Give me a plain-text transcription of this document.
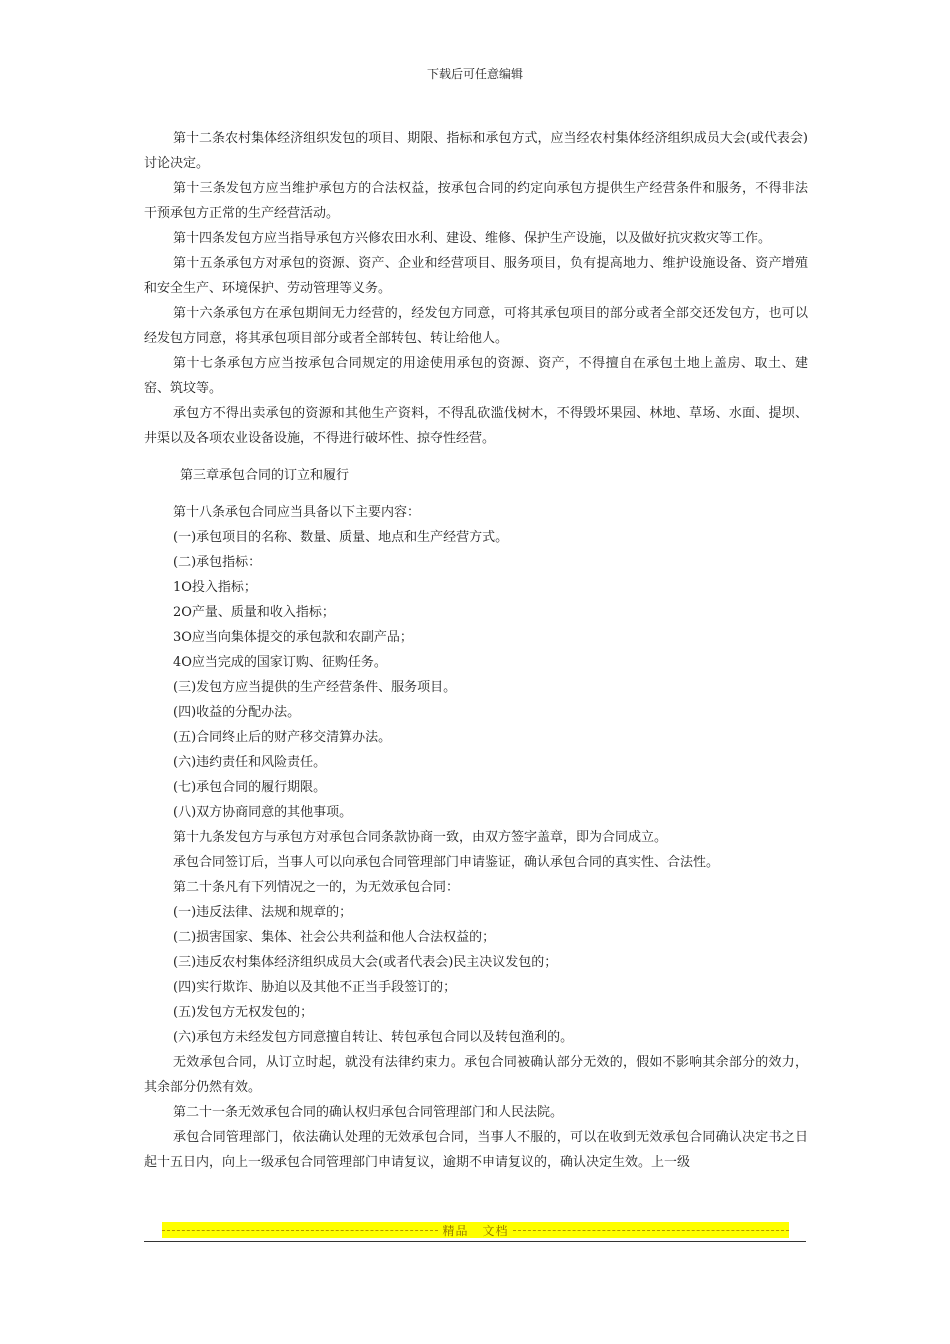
下载后可任意编辑

第十二条农村集体经济组织发包的项目、期限、指标和承包方式，应当经农村集体经济组织成员大会(或代表会)讨论决定。

第十三条发包方应当维护承包方的合法权益，按承包合同的约定向承包方提供生产经营条件和服务，不得非法干预承包方正常的生产经营活动。

第十四条发包方应当指导承包方兴修农田水利、建设、维修、保护生产设施，以及做好抗灾救灾等工作。

第十五条承包方对承包的资源、资产、企业和经营项目、服务项目，负有提高地力、维护设施设备、资产增殖和安全生产、环境保护、劳动管理等义务。

第十六条承包方在承包期间无力经营的，经发包方同意，可将其承包项目的部分或者全部交还发包方，也可以经发包方同意，将其承包项目部分或者全部转包、转让给他人。

第十七条承包方应当按承包合同规定的用途使用承包的资源、资产，不得擅自在承包土地上盖房、取土、建窑、筑坟等。

承包方不得出卖承包的资源和其他生产资料，不得乱砍滥伐树木，不得毁坏果园、林地、草场、水面、提坝、井渠以及各项农业设备设施，不得进行破坏性、掠夺性经营。

第三章承包合同的订立和履行

第十八条承包合同应当具备以下主要内容：

(一)承包项目的名称、数量、质量、地点和生产经营方式。

(二)承包指标：

1O投入指标；

2O产量、质量和收入指标；

3O应当向集体提交的承包款和农副产品；

4O应当完成的国家订购、征购任务。

(三)发包方应当提供的生产经营条件、服务项目。

(四)收益的分配办法。

(五)合同终止后的财产移交清算办法。

(六)违约责任和风险责任。

(七)承包合同的履行期限。

(八)双方协商同意的其他事项。

第十九条发包方与承包方对承包合同条款协商一致，由双方签字盖章，即为合同成立。

承包合同签订后，当事人可以向承包合同管理部门申请鉴证，确认承包合同的真实性、合法性。

第二十条凡有下列情况之一的，为无效承包合同：

(一)违反法律、法规和规章的；

(二)损害国家、集体、社会公共利益和他人合法权益的；

(三)违反农村集体经济组织成员大会(或者代表会)民主决议发包的；

(四)实行欺诈、胁迫以及其他不正当手段签订的；

(五)发包方无权发包的；

(六)承包方未经发包方同意擅自转让、转包承包合同以及转包渔利的。

无效承包合同，从订立时起，就没有法律约束力。承包合同被确认部分无效的，假如不影响其余部分的效力，其余部分仍然有效。

第二十一条无效承包合同的确认权归承包合同管理部门和人民法院。

承包合同管理部门，依法确认处理的无效承包合同，当事人不服的，可以在收到无效承包合同确认决定书之日起十五日内，向上一级承包合同管理部门申请复议，逾期不申请复议的，确认决定生效。上一级

精品 文档
